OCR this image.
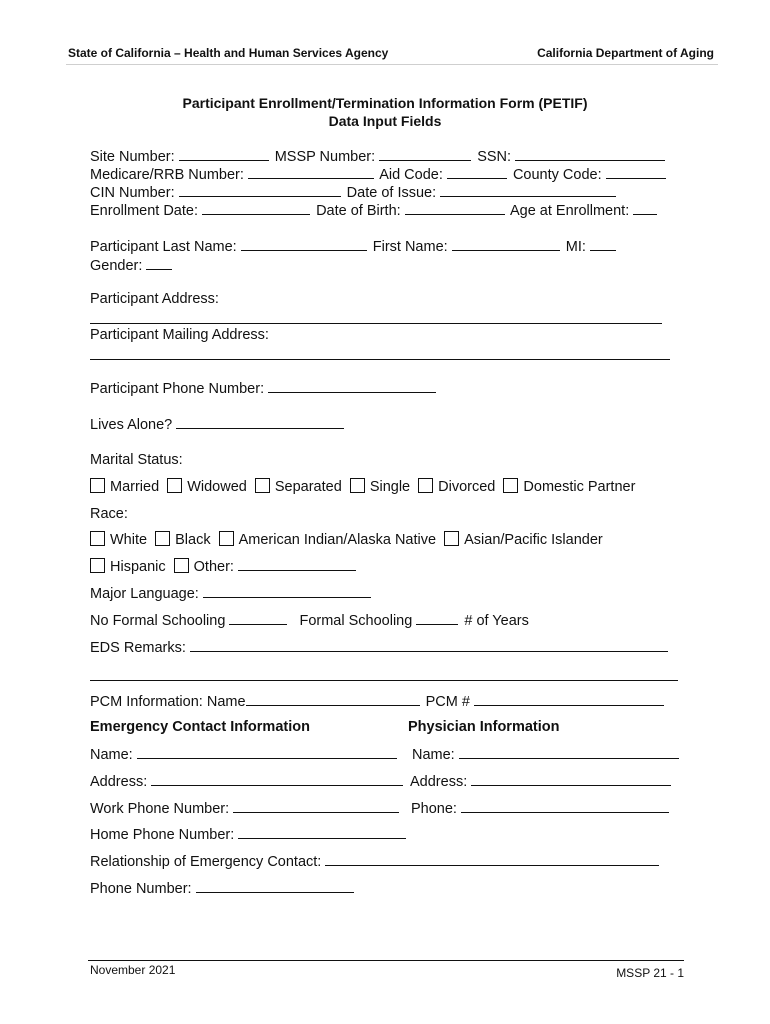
State of California – Health and Human Services Agency	California Department of Aging
Participant Enrollment/Termination Information Form (PETIF)
Data Input Fields
Site Number:	MSSP Number:	SSN:
Medicare/RRB Number:	Aid Code:	County Code:
CIN Number:	Date of Issue:
Enrollment Date:	Date of Birth:	Age at Enrollment:
Participant Last Name:	First Name:	MI:
Gender:
Participant Address:
Participant Mailing Address:
Participant Phone Number:
Lives Alone?
Marital Status:
Married Widowed Separated Single Divorced Domestic Partner
Race:
White Black American Indian/Alaska Native Asian/Pacific Islander
Hispanic Other:
Major Language:
No Formal Schooling	Formal Schooling	# of Years
EDS Remarks:
PCM Information: Name	PCM #
Emergency Contact Information	Physician Information
Name:	Name:
Address:	Address:
Work Phone Number:	Phone:
Home Phone Number:
Relationship of Emergency Contact:
Phone Number:
November 2021	MSSP 21 - 1
